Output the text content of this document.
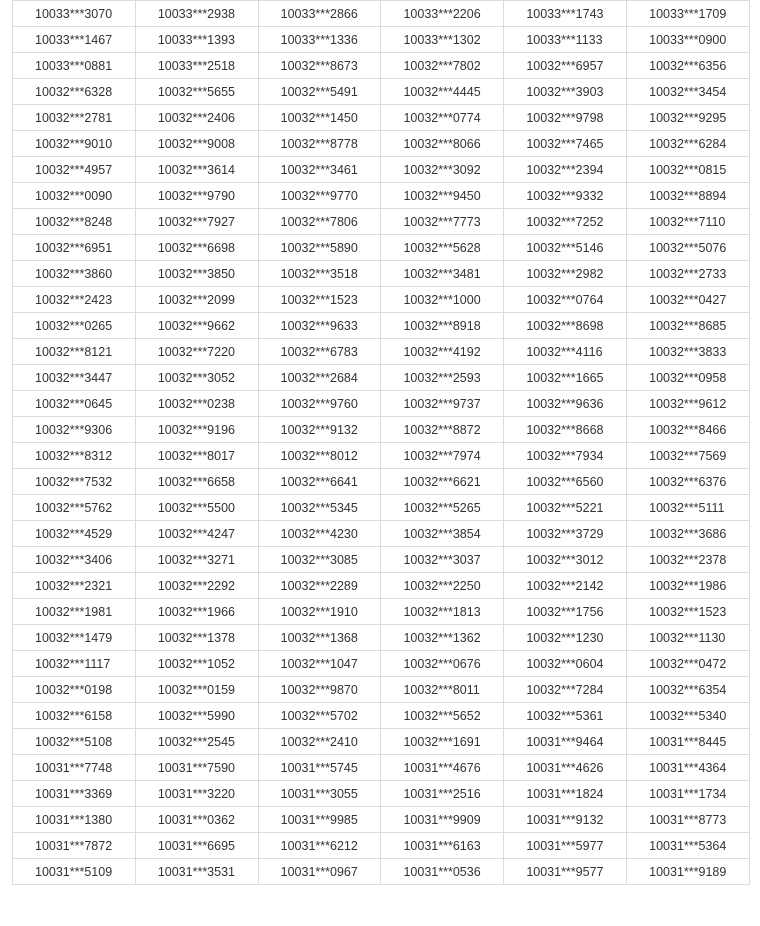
10033***3070	10033***2938	10033***2866	10033***2206	10033***1743	10033***1709
10033***1467	10033***1393	10033***1336	10033***1302	10033***1133	10033***0900
10033***0881	10033***2518	10032***8673	10032***7802	10032***6957	10032***6356
10032***6328	10032***5655	10032***5491	10032***4445	10032***3903	10032***3454
10032***2781	10032***2406	10032***1450	10032***0774	10032***9798	10032***9295
10032***9010	10032***9008	10032***8778	10032***8066	10032***7465	10032***6284
10032***4957	10032***3614	10032***3461	10032***3092	10032***2394	10032***0815
10032***0090	10032***9790	10032***9770	10032***9450	10032***9332	10032***8894
10032***8248	10032***7927	10032***7806	10032***7773	10032***7252	10032***7110
10032***6951	10032***6698	10032***5890	10032***5628	10032***5146	10032***5076
10032***3860	10032***3850	10032***3518	10032***3481	10032***2982	10032***2733
10032***2423	10032***2099	10032***1523	10032***1000	10032***0764	10032***0427
10032***0265	10032***9662	10032***9633	10032***8918	10032***8698	10032***8685
10032***8121	10032***7220	10032***6783	10032***4192	10032***4116	10032***3833
10032***3447	10032***3052	10032***2684	10032***2593	10032***1665	10032***0958
10032***0645	10032***0238	10032***9760	10032***9737	10032***9636	10032***9612
10032***9306	10032***9196	10032***9132	10032***8872	10032***8668	10032***8466
10032***8312	10032***8017	10032***8012	10032***7974	10032***7934	10032***7569
10032***7532	10032***6658	10032***6641	10032***6621	10032***6560	10032***6376
10032***5762	10032***5500	10032***5345	10032***5265	10032***5221	10032***5111
10032***4529	10032***4247	10032***4230	10032***3854	10032***3729	10032***3686
10032***3406	10032***3271	10032***3085	10032***3037	10032***3012	10032***2378
10032***2321	10032***2292	10032***2289	10032***2250	10032***2142	10032***1986
10032***1981	10032***1966	10032***1910	10032***1813	10032***1756	10032***1523
10032***1479	10032***1378	10032***1368	10032***1362	10032***1230	10032***1130
10032***1117	10032***1052	10032***1047	10032***0676	10032***0604	10032***0472
10032***0198	10032***0159	10032***9870	10032***8011	10032***7284	10032***6354
10032***6158	10032***5990	10032***5702	10032***5652	10032***5361	10032***5340
10032***5108	10032***2545	10032***2410	10032***1691	10031***9464	10031***8445
10031***7748	10031***7590	10031***5745	10031***4676	10031***4626	10031***4364
10031***3369	10031***3220	10031***3055	10031***2516	10031***1824	10031***1734
10031***1380	10031***0362	10031***9985	10031***9909	10031***9132	10031***8773
10031***7872	10031***6695	10031***6212	10031***6163	10031***5977	10031***5364
10031***5109	10031***3531	10031***0967	10031***0536	10031***9577	10031***9189
